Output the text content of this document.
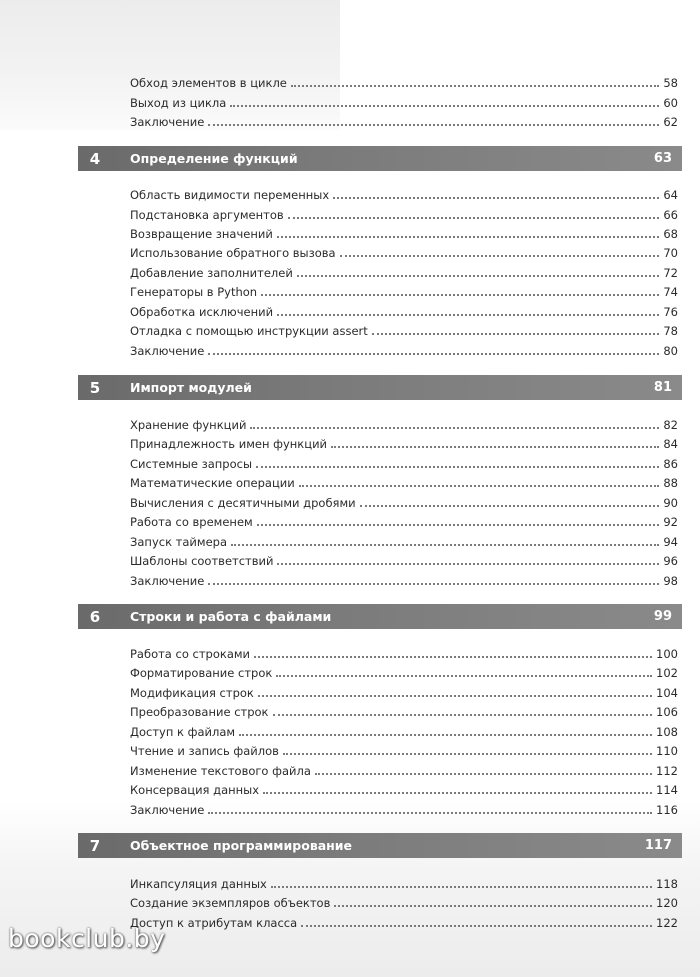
Обход элементов в цикле	58
Выход из цикла	60
Заключение	62
4	Определение функций	63
Область видимости переменных	64
Подстановка аргументов	66
Возвращение значений	68
Использование обратного вызова	70
Добавление заполнителей	72
Генераторы в Python	74
Обработка исключений	76
Отладка с помощью инструкции assert	78
Заключение	80
5	Импорт модулей	81
Хранение функций	82
Принадлежность имен функций	84
Системные запросы	86
Математические операции	88
Вычисления с десятичными дробями	90
Работа со временем	92
Запуск таймера	94
Шаблоны соответствий	96
Заключение	98
6	Строки и работа с файлами	99
Работа со строками	100
Форматирование строк	102
Модификация строк	104
Преобразование строк	106
Доступ к файлам	108
Чтение и запись файлов	110
Изменение текстового файла	112
Консервация данных	114
Заключение	116
7	Объектное программирование	117
Инкапсуляция данных	118
Создание экземпляров объектов	120
Доступ к атрибутам класса	122
bookclub.by
